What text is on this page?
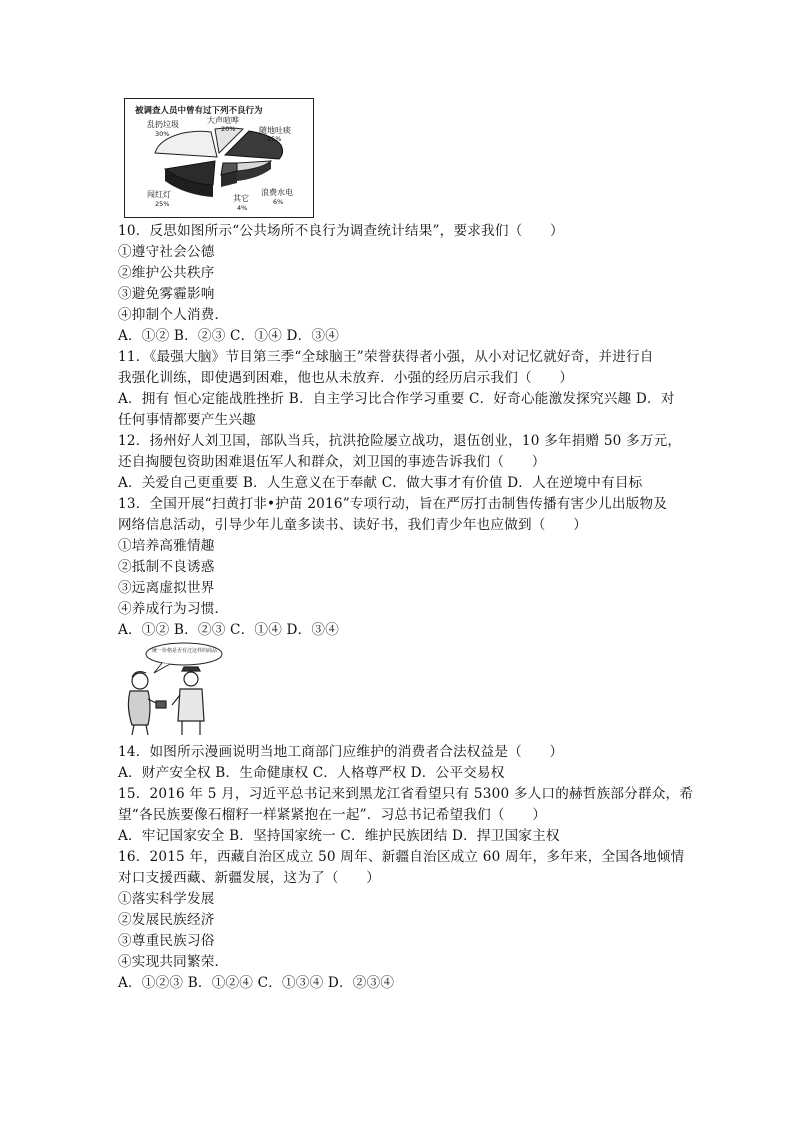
被调查人员中曾有过下列不良行为
乱扔垃圾
30%
大声喧哗
20%	随地吐痰
15%
浪费水电
6%
其它
4%
闯红灯
25%
统一价格是否有过这样的商品
10．反思如图所示“公共场所不良行为调查统计结果”，要求我们（　　）
①遵守社会公德
②维护公共秩序
③避免雾霾影响
④抑制个人消费．
A．①② B．②③ C．①④ D．③④
11．《最强大脑》节目第三季“全球脑王”荣誉获得者小强，从小对记忆就好奇，并进行自
我强化训练，即使遇到困难，他也从未放弃．小强的经历启示我们（　　）
A．拥有 恒心定能战胜挫折 B．自主学习比合作学习重要 C．好奇心能激发探究兴趣 D．对
任何事情都要产生兴趣
12．扬州好人刘卫国，部队当兵，抗洪抢险屡立战功，退伍创业，10 多年捐赠 50 多万元，
还自掏腰包资助困难退伍军人和群众，刘卫国的事迹告诉我们（　　）
A．关爱自己更重要 B．人生意义在于奉献 C．做大事才有价值 D．人在逆境中有目标
13．全国开展“扫黄打非•护苗 2016”专项行动，旨在严厉打击制售传播有害少儿出版物及
网络信息活动，引导少年儿童多读书、读好书，我们青少年也应做到（　　）
①培养高雅情趣
②抵制不良诱惑
③远离虚拟世界
④养成行为习惯．
A．①② B．②③ C．①④ D．③④
14．如图所示漫画说明当地工商部门应维护的消费者合法权益是（　　）
A．财产安全权 B．生命健康权 C．人格尊严权 D．公平交易权
15．2016 年 5 月，习近平总书记来到黑龙江省看望只有 5300 多人口的赫哲族部分群众，希
望“各民族要像石榴籽一样紧紧抱在一起”．习总书记希望我们（　　）
A．牢记国家安全 B．坚持国家统一 C．维护民族团结 D．捍卫国家主权
16．2015 年，西藏自治区成立 50 周年、新疆自治区成立 60 周年，多年来，全国各地倾情
对口支援西藏、新疆发展，这为了（　　）
①落实科学发展
②发展民族经济
③尊重民族习俗
④实现共同繁荣．
A．①②③ B．①②④ C．①③④ D．②③④
